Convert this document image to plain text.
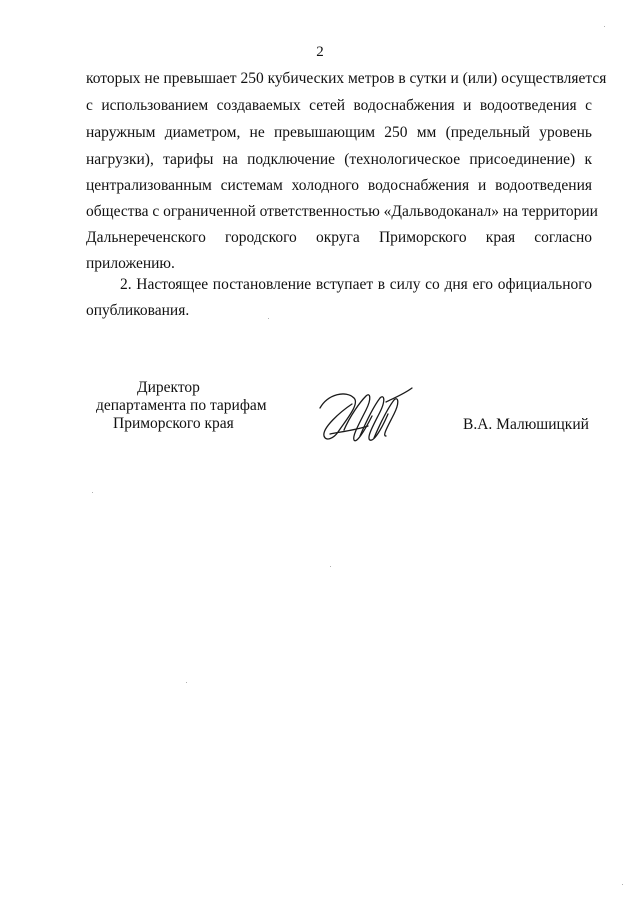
2
которых не превышает 250 кубических метров в сутки и (или) осуществляется
с использованием создаваемых сетей водоснабжения и водоотведения с
наружным диаметром, не превышающим 250 мм (предельный уровень
нагрузки), тарифы на подключение (технологическое присоединение) к
централизованным системам холодного водоснабжения и водоотведения
общества с ограниченной ответственностью «Дальводоканал» на территории
Дальнереченского городского округа Приморского края согласно
приложению.
2. Настоящее постановление вступает в силу со дня его официального
опубликования.
Директор
департамента по тарифам
Приморского края	В.А. Малюшицкий
